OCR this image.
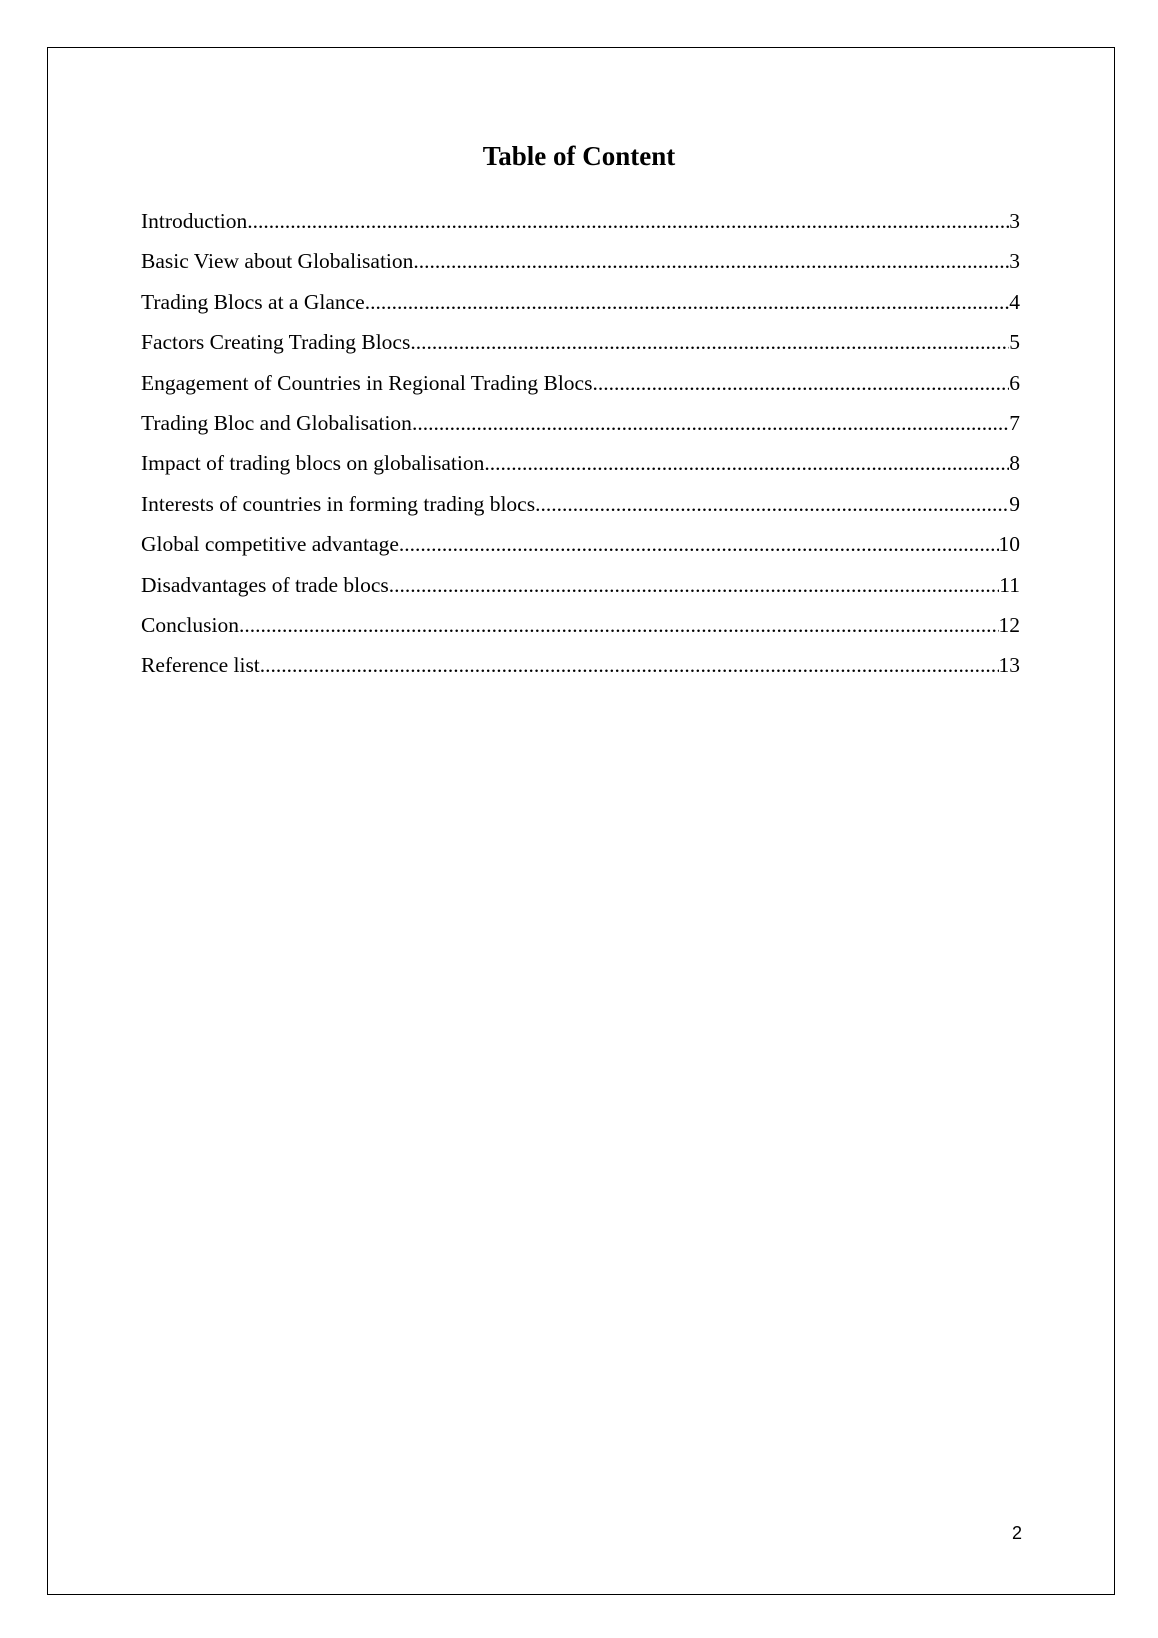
Table of Content
Introduction .....	3
Basic View about Globalisation .....	3
Trading Blocs at a Glance .....	4
Factors Creating Trading Blocs .....	5
Engagement of Countries in Regional Trading Blocs .....	6
Trading Bloc and Globalisation .....	7
Impact of trading blocs on globalisation .....	8
Interests of countries in forming trading blocs .....	9
Global competitive advantage .....	10
Disadvantages of trade blocs .....	11
Conclusion .....	12
Reference list .....	13
2
